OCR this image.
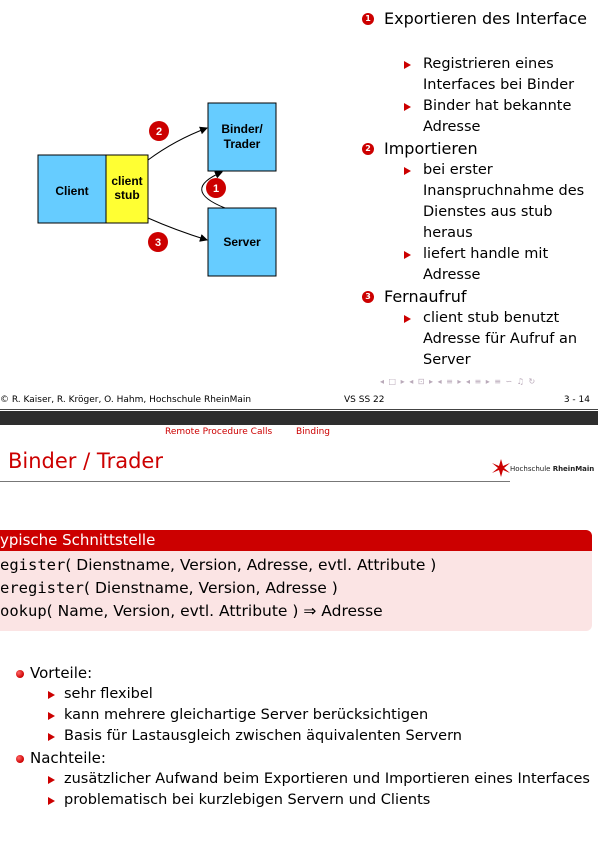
Client
client
stub
Binder/
Trader
Server
2
1
3
1 Exportieren des Interface
Registrieren eines
Interfaces bei Binder
Binder hat bekannte
Adresse
2 Importieren
bei erster
Inanspruchnahme des
Dienstes aus stub
heraus
liefert handle mit
Adresse
3 Fernaufruf
client stub benutzt
Adresse für Aufruf an
Server
◂ □ ▸ ◂ ⊡ ▸ ◂ ≡ ▸ ◂ ≡ ▸ ≡ ∽ ♫ ↻
© R. Kaiser, R. Kröger, O. Hahm, Hochschule RheinMain	VS SS 22	3 - 14
Remote Procedure Calls	Binding
Binder / Trader	Hochschule RheinMain
ypische Schnittstelle
egister( Dienstname, Version, Adresse, evtl. Attribute )
eregister( Dienstname, Version, Adresse )
ookup( Name, Version, evtl. Attribute ) ⇒ Adresse
Vorteile:
sehr flexibel
kann mehrere gleichartige Server berücksichtigen
Basis für Lastausgleich zwischen äquivalenten Servern
Nachteile:
zusätzlicher Aufwand beim Exportieren und Importieren eines Interfaces
problematisch bei kurzlebigen Servern und Clients
